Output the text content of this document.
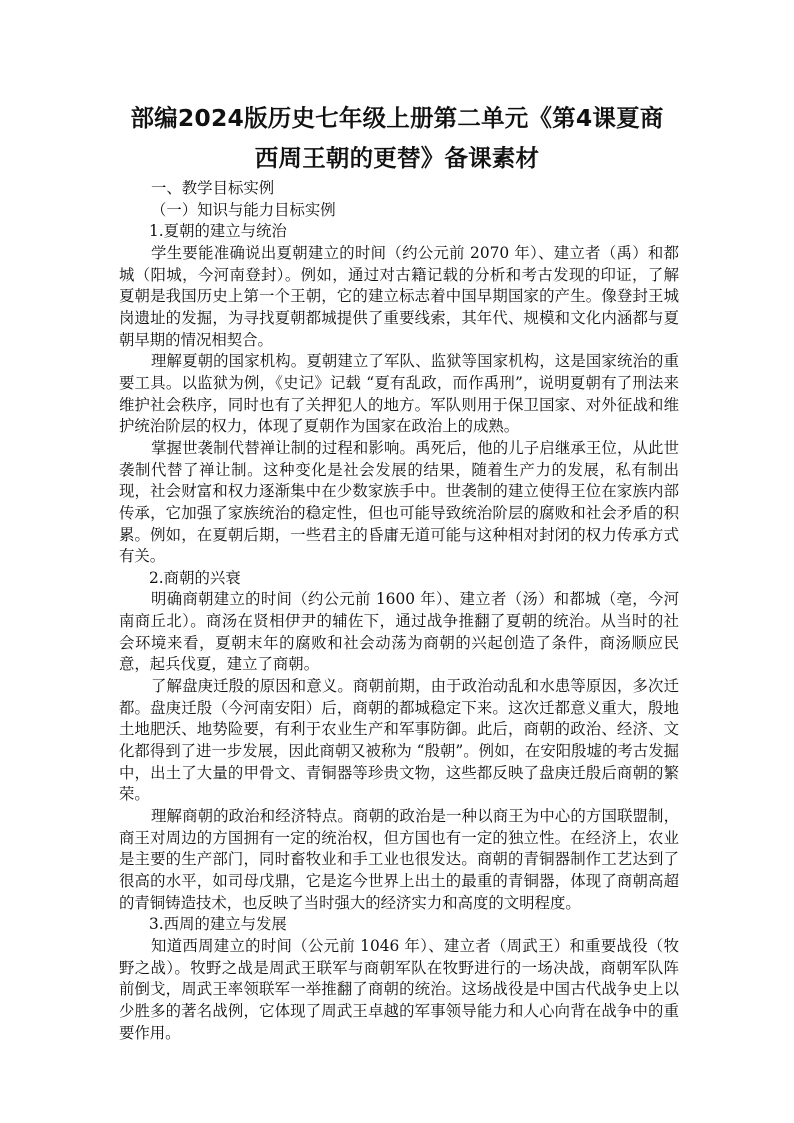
部编2024版历史七年级上册第二单元《第4课夏商
西周王朝的更替》备课素材

一、教学目标实例

（一）知识与能力目标实例

1.夏朝的建立与统治

学生要能准确说出夏朝建立的时间（约公元前 2070 年）、建立者（禹）和都城（阳城，今河南登封）。例如，通过对古籍记载的分析和考古发现的印证，了解夏朝是我国历史上第一个王朝，它的建立标志着中国早期国家的产生。像登封王城岗遗址的发掘，为寻找夏朝都城提供了重要线索，其年代、规模和文化内涵都与夏朝早期的情况相契合。

理解夏朝的国家机构。夏朝建立了军队、监狱等国家机构，这是国家统治的重要工具。以监狱为例，《史记》记载 “夏有乱政，而作禹刑”，说明夏朝有了刑法来维护社会秩序，同时也有了关押犯人的地方。军队则用于保卫国家、对外征战和维护统治阶层的权力，体现了夏朝作为国家在政治上的成熟。

掌握世袭制代替禅让制的过程和影响。禹死后，他的儿子启继承王位，从此世袭制代替了禅让制。这种变化是社会发展的结果，随着生产力的发展，私有制出现，社会财富和权力逐渐集中在少数家族手中。世袭制的建立使得王位在家族内部传承，它加强了家族统治的稳定性，但也可能导致统治阶层的腐败和社会矛盾的积累。例如，在夏朝后期，一些君主的昏庸无道可能与这种相对封闭的权力传承方式有关。

2.商朝的兴衰

明确商朝建立的时间（约公元前 1600 年）、建立者（汤）和都城（亳，今河南商丘北）。商汤在贤相伊尹的辅佐下，通过战争推翻了夏朝的统治。从当时的社会环境来看，夏朝末年的腐败和社会动荡为商朝的兴起创造了条件，商汤顺应民意，起兵伐夏，建立了商朝。

了解盘庚迁殷的原因和意义。商朝前期，由于政治动乱和水患等原因，多次迁都。盘庚迁殷（今河南安阳）后，商朝的都城稳定下来。这次迁都意义重大，殷地土地肥沃、地势险要，有利于农业生产和军事防御。此后，商朝的政治、经济、文化都得到了进一步发展，因此商朝又被称为 “殷朝”。例如，在安阳殷墟的考古发掘中，出土了大量的甲骨文、青铜器等珍贵文物，这些都反映了盘庚迁殷后商朝的繁荣。

理解商朝的政治和经济特点。商朝的政治是一种以商王为中心的方国联盟制，商王对周边的方国拥有一定的统治权，但方国也有一定的独立性。在经济上，农业是主要的生产部门，同时畜牧业和手工业也很发达。商朝的青铜器制作工艺达到了很高的水平，如司母戊鼎，它是迄今世界上出土的最重的青铜器，体现了商朝高超的青铜铸造技术，也反映了当时强大的经济实力和高度的文明程度。

3.西周的建立与发展

知道西周建立的时间（公元前 1046 年）、建立者（周武王）和重要战役（牧野之战）。牧野之战是周武王联军与商朝军队在牧野进行的一场决战，商朝军队阵前倒戈，周武王率领联军一举推翻了商朝的统治。这场战役是中国古代战争史上以少胜多的著名战例，它体现了周武王卓越的军事领导能力和人心向背在战争中的重要作用。
